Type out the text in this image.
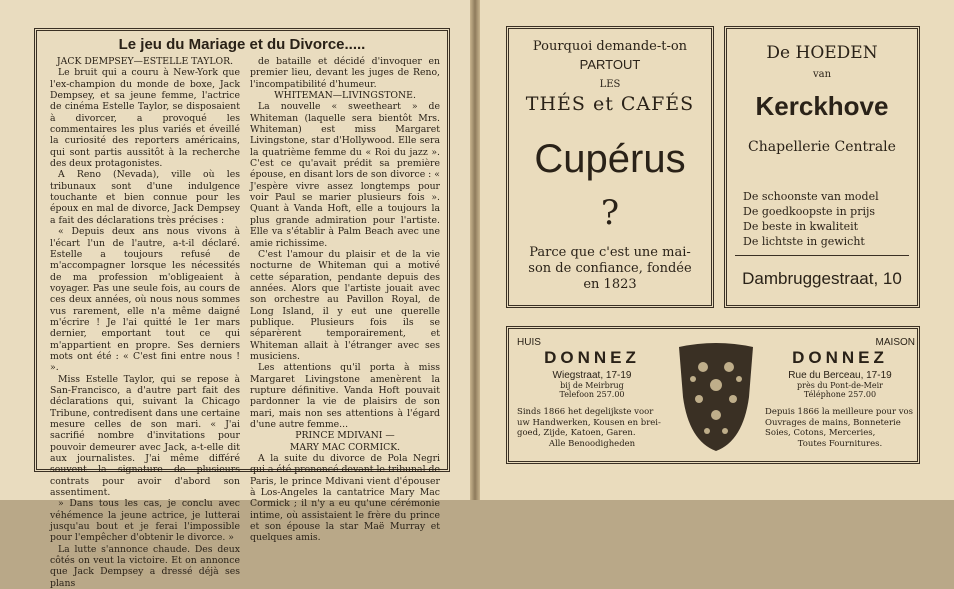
Le jeu du Mariage et du Divorce.....

JACK DEMPSEY—ESTELLE TAYLOR.

Le bruit qui a couru à New-York que l'ex-champion du monde de boxe, Jack Dempsey, et sa jeune femme, l'actrice de cinéma Estelle Taylor, se disposaient à divorcer, a provoqué les commentaires les plus variés et éveillé la curiosité des reporters américains, qui sont partis aussitôt à la recherche des deux protagonistes.

A Reno (Nevada), ville où les tribunaux sont d'une indulgence touchante et bien connue pour les époux en mal de divorce, Jack Dempsey a fait des déclarations très précises :

« Depuis deux ans nous vivons à l'écart l'un de l'autre, a-t-il déclaré. Estelle a toujours refusé de m'accompagner lorsque les nécessités de ma profession m'obligeaient à voyager. Pas une seule fois, au cours de ces deux années, où nous nous sommes vus rarement, elle n'a même daigné m'écrire ! Je l'ai quitté le 1er mars dernier, emportant tout ce qui m'appartient en propre. Ses derniers mots ont été : « C'est fini entre nous ! ».

Miss Estelle Taylor, qui se repose à San-Francisco, a d'autre part fait des déclarations qui, suivant la Chicago Tribune, contredisent dans une certaine mesure celles de son mari. « J'ai sacrifié nombre d'invitations pour pouvoir demeurer avec Jack, a-t-elle dit aux journalistes. J'ai même différé souvent la signature de plusieurs contrats pour avoir d'abord son assentiment.

» Dans tous les cas, je conclu avec véhémence la jeune actrice, je lutterai jusqu'au bout et je ferai l'impossible pour l'empêcher d'obtenir le divorce. »

La lutte s'annonce chaude. Des deux côtés on veut la victoire. Et on annonce que Jack Dempsey a dressé déjà ses plans

de bataille et décidé d'invoquer en premier lieu, devant les juges de Reno, l'incompatibilité d'humeur.

WHITEMAN—LIVINGSTONE.

La nouvelle « sweetheart » de Whiteman (laquelle sera bientôt Mrs. Whiteman) est miss Margaret Livingstone, star d'Hollywood. Elle sera la quatrième femme du « Roi du jazz ». C'est ce qu'avait prédit sa première épouse, en disant lors de son divorce : « J'espère vivre assez longtemps pour voir Paul se marier plusieurs fois ». Quant à Vanda Hoft, elle a toujours la plus grande admiration pour l'artiste. Elle va s'établir à Palm Beach avec une amie richissime.

C'est l'amour du plaisir et de la vie nocturne de Whiteman qui a motivé cette séparation, pendante depuis des années. Alors que l'artiste jouait avec son orchestre au Pavillon Royal, de Long Island, il y eut une querelle publique. Plusieurs fois ils se séparèrent temporairement, et Whiteman allait à l'étranger avec ses musiciens.

Les attentions qu'il porta à miss Margaret Livingstone amenèrent la rupture définitive. Vanda Hoft pouvait pardonner la vie de plaisirs de son mari, mais non ses attentions à l'égard d'une autre femme...

PRINCE MDIVANI —

MARY MAC CORMICK.

A la suite du divorce de Pola Negri qui a été prononcé devant le tribunal de Paris, le prince Mdivani vient d'épouser à Los-Angeles la cantatrice Mary Mac Cormick ; il n'y a eu qu'une cérémonie intime, où assistaient le frère du prince et son épouse la star Maë Murray et quelques amis.

Pourquoi demande-t-on
PARTOUT
LES
THÉS et CAFÉS
Cupérus
?
Parce que c'est une mai-
son de confiance, fondée
en 1823
De HOEDEN
van
Kerckhove
Chapellerie Centrale
De schoonste van model
De goedkoopste in prijs
De beste in kwaliteit
De lichtste in gewicht
Dambruggestraat, 10
HUIS
DONNEZ
Wiegstraat, 17-19
bij de Meirbrug
Telefoon 257.00
Sinds 1866 het degelijkste voor
uw Handwerken, Kousen en brei-
goed, Zijde, Katoen, Garen.
Alle Benoodigheden
MAISON
DONNEZ
Rue du Berceau, 17-19
près du Pont-de-Meir
Téléphone 257.00
Depuis 1866 la meilleure pour vos
Ouvrages de mains, Bonneterie
Soies, Cotons, Merceries,
Toutes Fournitures.
